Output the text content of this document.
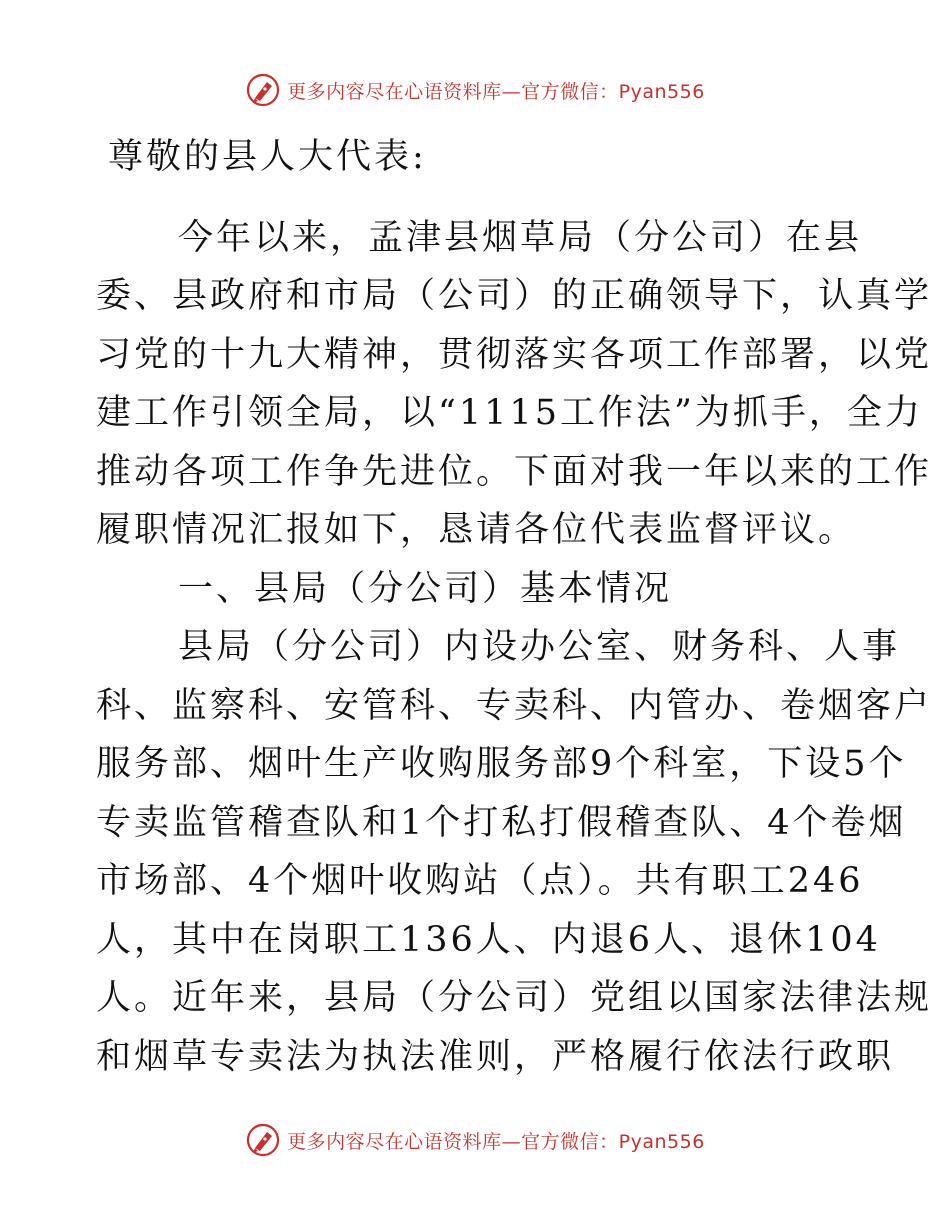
更多内容尽在心语资料库—官方微信：Pyan556
尊敬的县人大代表:
今年以来，孟津县烟草局（分公司）在县
委、县政府和市局（公司）的正确领导下，认真学
习党的十九大精神，贯彻落实各项工作部署，以党
建工作引领全局，以“1115工作法”为抓手，全力
推动各项工作争先进位。下面对我一年以来的工作
履职情况汇报如下，恳请各位代表监督评议。
一、县局（分公司）基本情况
县局（分公司）内设办公室、财务科、人事
科、监察科、安管科、专卖科、内管办、卷烟客户
服务部、烟叶生产收购服务部9个科室，下设5个
专卖监管稽查队和1个打私打假稽查队、4个卷烟
市场部、4个烟叶收购站（点）。共有职工246
人，其中在岗职工136人、内退6人、退休104
人。近年来，县局（分公司）党组以国家法律法规
和烟草专卖法为执法准则，严格履行依法行政职
更多内容尽在心语资料库—官方微信：Pyan556
